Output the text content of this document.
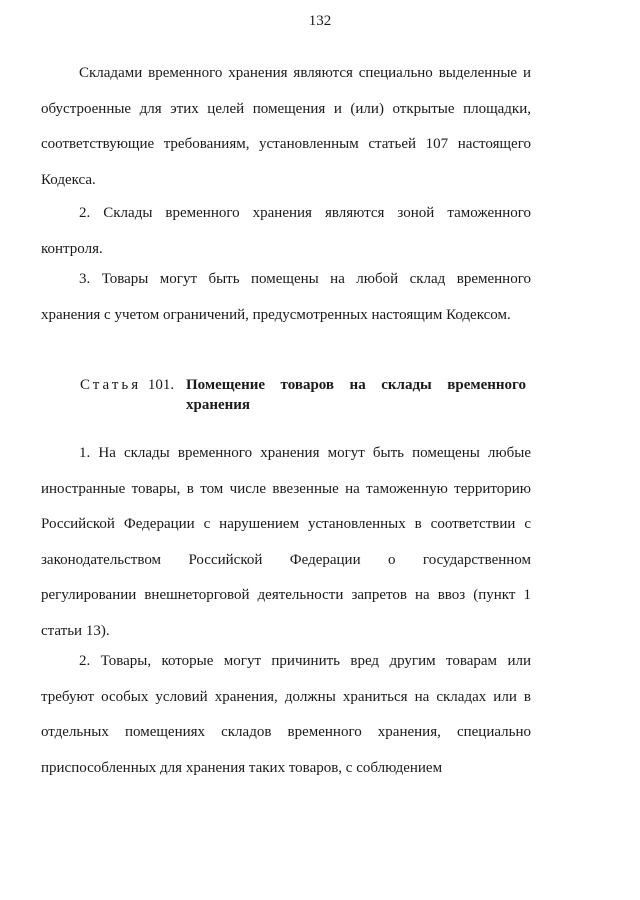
132

Складами временного хранения являются специально выделенные и обустроенные для этих целей помещения и (или) открытые площадки, соответствующие требованиям, установленным статьей 107 настоящего Кодекса.

2. Склады временного хранения являются зоной таможенного контроля.

3. Товары могут быть помещены на любой склад временного хранения с учетом ограничений, предусмотренных настоящим Кодексом.

Статья 101. Помещение товаров на склады временного
хранения

1. На склады временного хранения могут быть помещены любые иностранные товары, в том числе ввезенные на таможенную территорию Российской Федерации с нарушением установленных в соответствии с законодательством Российской Федерации о государственном регулировании внешнеторговой деятельности запретов на ввоз (пункт 1 статьи 13).

2. Товары, которые могут причинить вред другим товарам или требуют особых условий хранения, должны храниться на складах или в отдельных помещениях складов временного хранения, специально приспособленных для хранения таких товаров, с соблюдением
